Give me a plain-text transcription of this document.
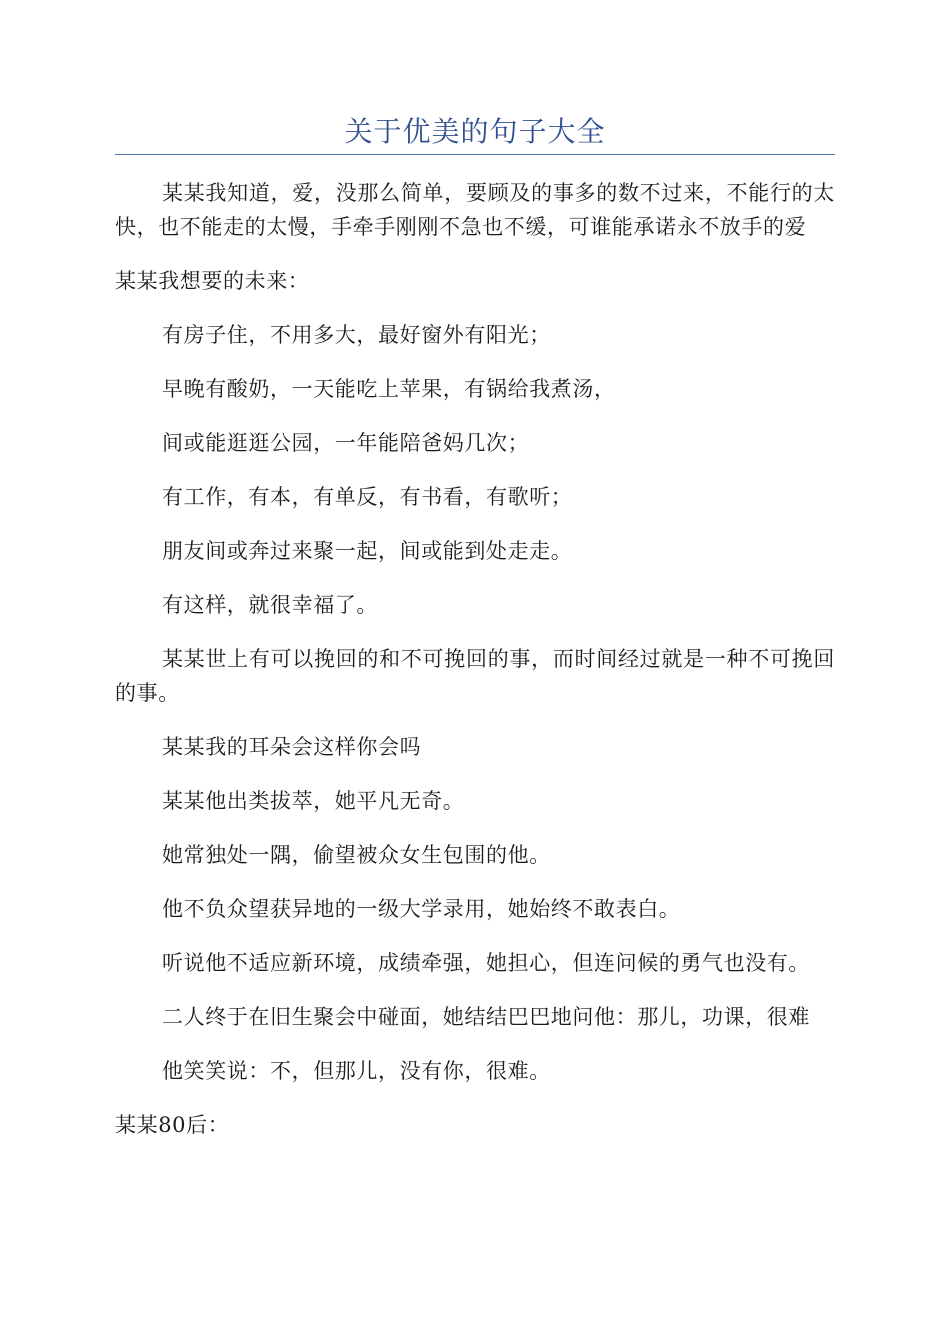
关于优美的句子大全

某某我知道，爱，没那么简单，要顾及的事多的数不过来，不能行的太快，也不能走的太慢，手牵手刚刚不急也不缓，可谁能承诺永不放手的爱

某某我想要的未来：

有房子住，不用多大，最好窗外有阳光；

早晚有酸奶，一天能吃上苹果，有锅给我煮汤，

间或能逛逛公园，一年能陪爸妈几次；

有工作，有本，有单反，有书看，有歌听；

朋友间或奔过来聚一起，间或能到处走走。

有这样，就很幸福了。

某某世上有可以挽回的和不可挽回的事，而时间经过就是一种不可挽回的事。

某某我的耳朵会这样你会吗

某某他出类拔萃，她平凡无奇。

她常独处一隅，偷望被众女生包围的他。

他不负众望获异地的一级大学录用，她始终不敢表白。

听说他不适应新环境，成绩牵强，她担心，但连问候的勇气也没有。

二人终于在旧生聚会中碰面，她结结巴巴地问他：那儿，功课，很难

他笑笑说：不，但那儿，没有你，很难。

某某80后：
